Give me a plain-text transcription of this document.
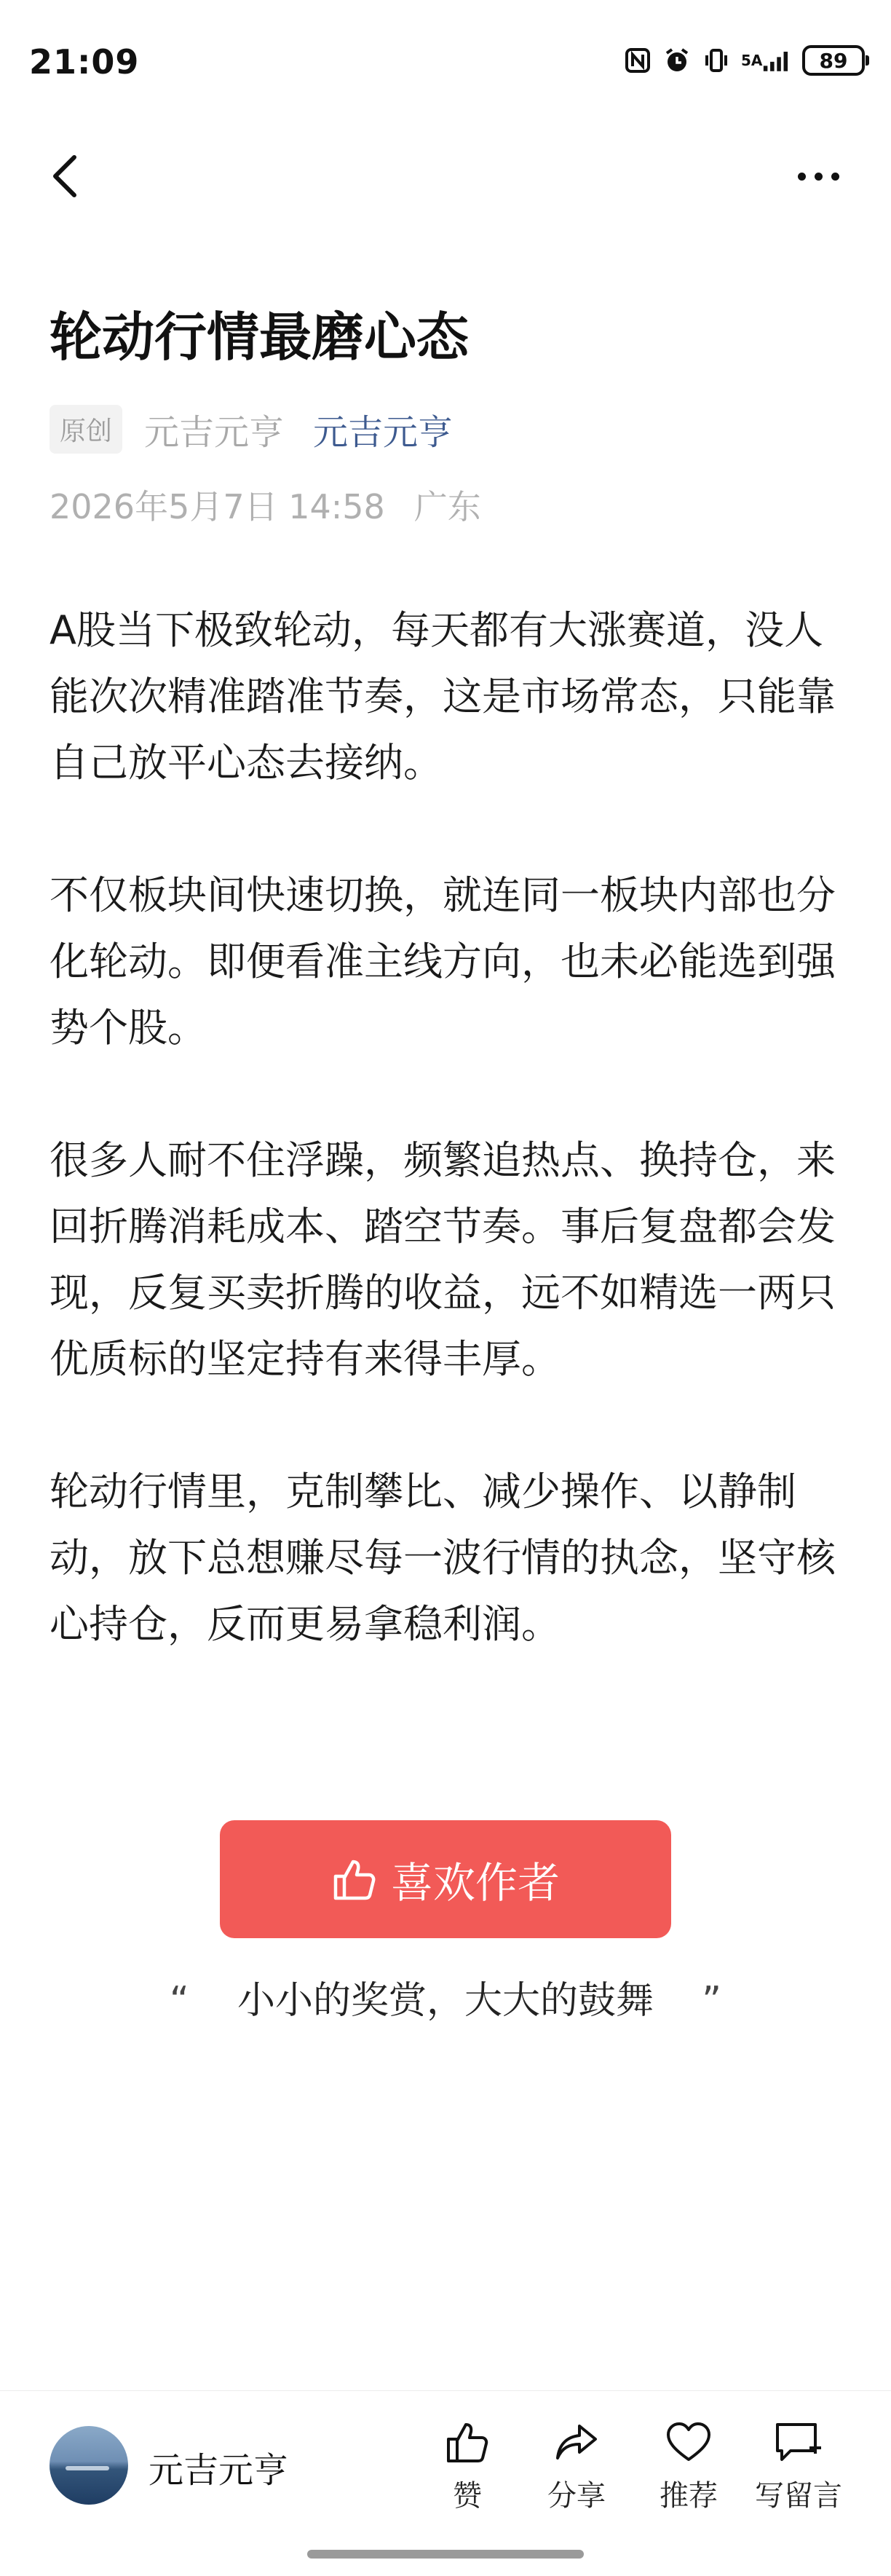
21:09	5A	89
轮动行情最磨心态
原创 元吉元亨 元吉元亨
2026年5月7日 14:58 广东

A股当下极致轮动，每天都有大涨赛道，没人能次次精准踏准节奏，这是市场常态，只能靠自己放平心态去接纳。

不仅板块间快速切换，就连同一板块内部也分化轮动。即便看准主线方向，也未必能选到强势个股。

很多人耐不住浮躁，频繁追热点、换持仓，来回折腾消耗成本、踏空节奏。事后复盘都会发现，反复买卖折腾的收益，远不如精选一两只优质标的坚定持有来得丰厚。

轮动行情里，克制攀比、减少操作、以静制动，放下总想赚尽每一波行情的执念，坚守核心持仓，反而更易拿稳利润。

喜欢作者
“ 小小的奖赏，大大的鼓舞 ”
元吉元亨
赞 分享 推荐 写留言
